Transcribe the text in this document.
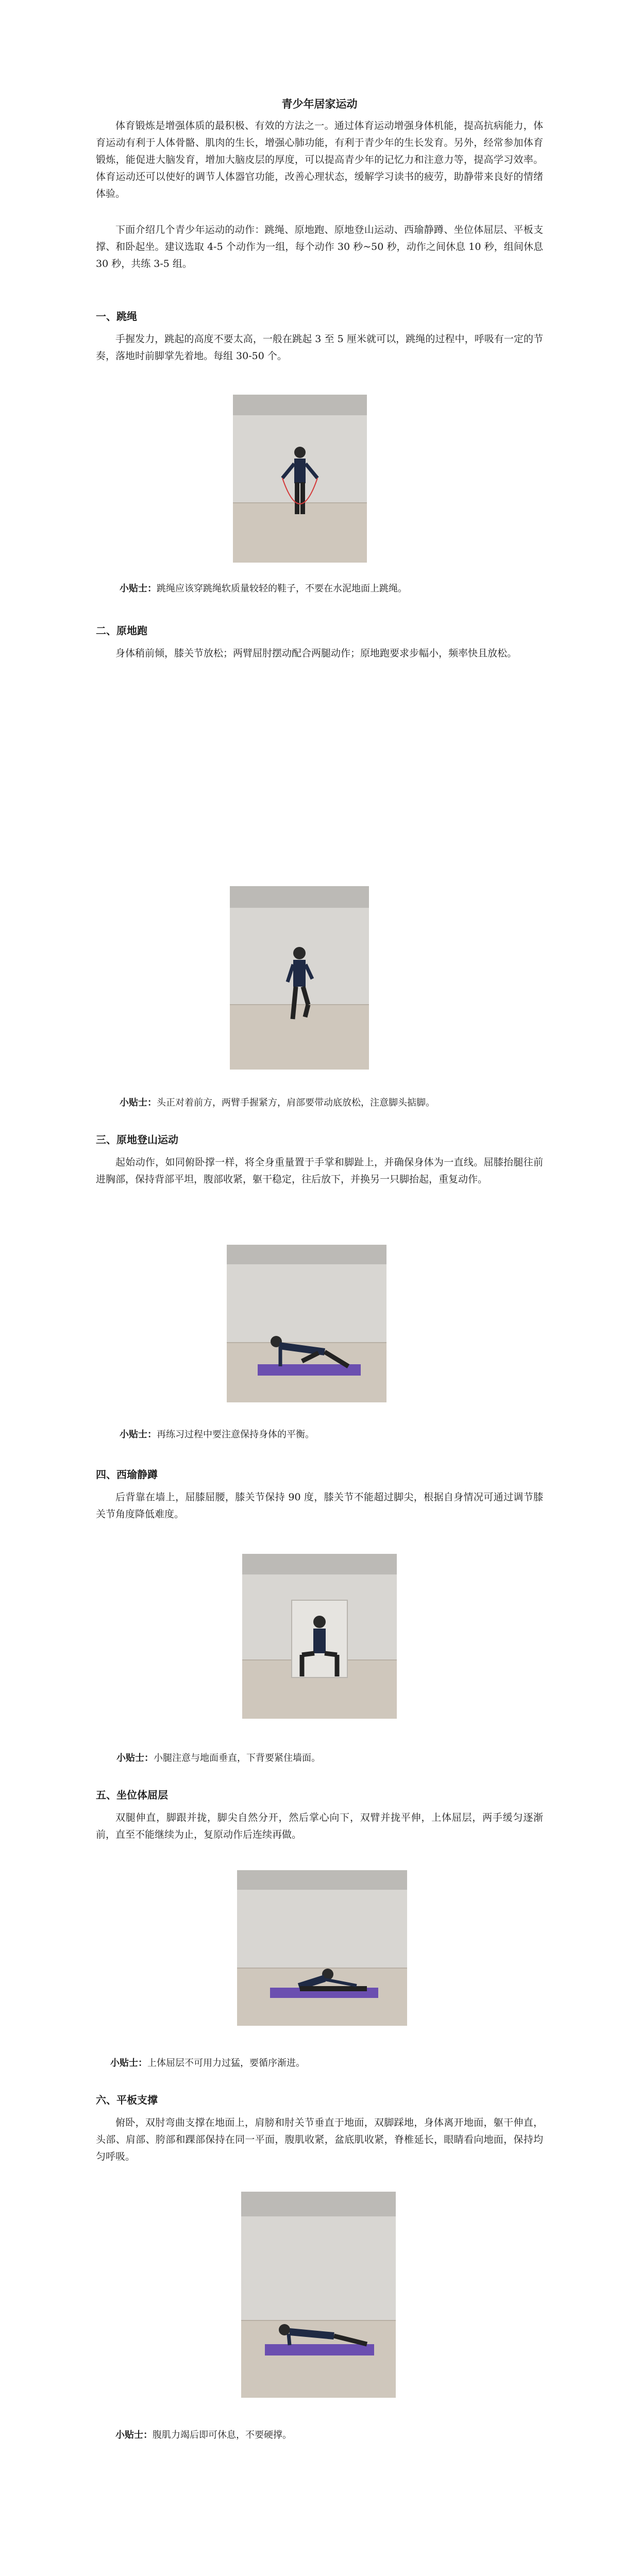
青少年居家运动

体育锻炼是增强体质的最积极、有效的方法之一。通过体育运动增强身体机能，提高抗病能力，体育运动有利于人体骨骼、肌肉的生长，增强心肺功能，有利于青少年的生长发育。另外，经常参加体育锻炼，能促进大脑发育，增加大脑皮层的厚度，可以提高青少年的记忆力和注意力等，提高学习效率。体育运动还可以使好的调节人体器官功能，改善心理状态，缓解学习读书的疲劳，助静带来良好的情绪体验。

下面介绍几个青少年运动的动作：跳绳、原地跑、原地登山运动、西瑜静蹲、坐位体屈层、平板支撑、和卧起坐。建议选取 4-5 个动作为一组，每个动作 30 秒~50 秒，动作之间休息 10 秒，组间休息 30 秒，共练 3-5 组。

一、跳绳

手握发力，跳起的高度不要太高，一般在跳起 3 至 5 厘米就可以，跳绳的过程中，呼吸有一定的节奏，落地时前脚掌先着地。每组 30-50 个。

小贴士：跳绳应该穿跳绳软质量较轻的鞋子，不要在水泥地面上跳绳。

二、原地跑

身体稍前倾，膝关节放松；两臂屈肘摆动配合两腿动作；原地跑要求步幅小，频率快且放松。

小贴士：头正对着前方，两臂手握紧方，肩部要带动底放松，注意脚头掂脚。

三、原地登山运动

起始动作，如同俯卧撑一样，将全身重量置于手掌和脚趾上，并确保身体为一直线。屈膝抬腿往前进胸部，保持背部平坦，腹部收紧，躯干稳定，往后放下，并换另一只脚抬起，重复动作。

小贴士：再练习过程中要注意保持身体的平衡。

四、西瑜静蹲

后背靠在墙上，屈膝屈腰，膝关节保持 90 度，膝关节不能超过脚尖，根据自身情况可通过调节膝关节角度降低难度。

小贴士：小腿注意与地面垂直，下背要紧住墙面。

五、坐位体屈层

双腿伸直，脚跟并拢，脚尖自然分开，然后掌心向下，双臂并拢平伸，上体屈层，两手缓匀逐渐前，直至不能继续为止，复原动作后连续再做。

小贴士：上体屈层不可用力过猛，要循序渐进。

六、平板支撑

俯卧，双肘弯曲支撑在地面上，肩膀和肘关节垂直于地面，双脚踩地，身体离开地面，躯干伸直，头部、肩部、胯部和踝部保持在同一平面，腹肌收紧，盆底肌收紧，脊椎延长，眼睛看向地面，保持均匀呼吸。

小贴士：腹肌力竭后即可休息，不要硬撑。
